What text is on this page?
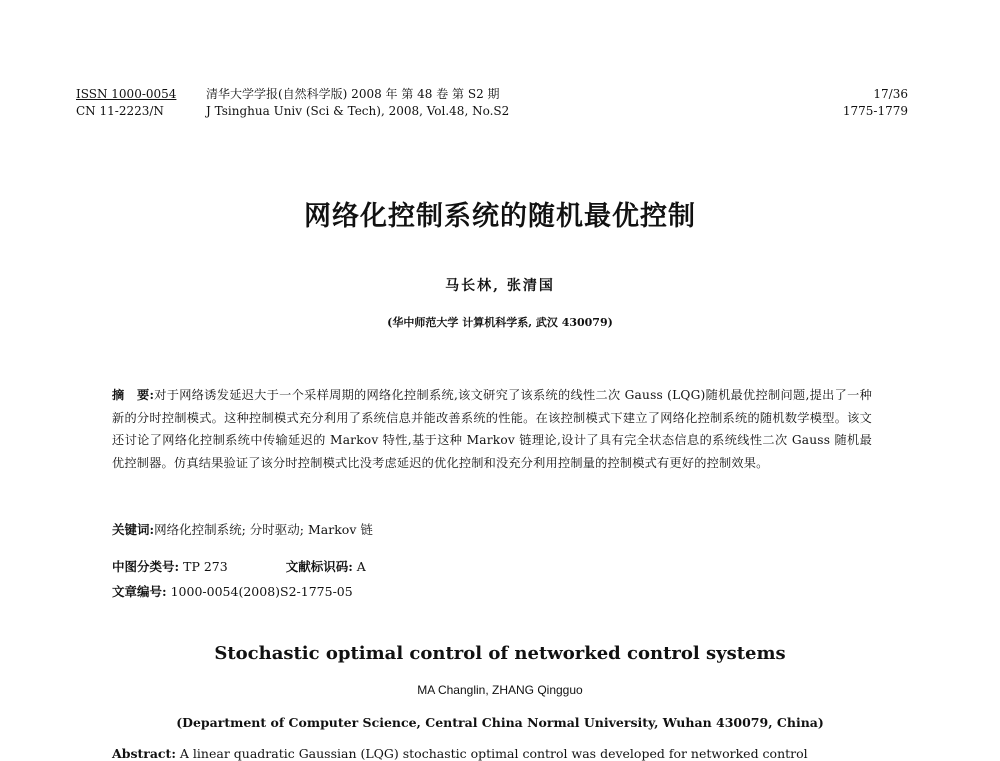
ISSN 1000-0054
CN 11-2223/N
清华大学学报(自然科学版) 2008 年 第 48 卷 第 S2 期
J Tsinghua Univ (Sci & Tech), 2008, Vol.48, No.S2
17/36
1775-1779
网络化控制系统的随机最优控制
马长林, 张清国
(华中师范大学 计算机科学系, 武汉 430079)
摘　要:对于网络诱发延迟大于一个采样周期的网络化控制系统,该文研究了该系统的线性二次 Gauss (LQG)随机最优控制问题,提出了一种新的分时控制模式。这种控制模式充分利用了系统信息并能改善系统的性能。在该控制模式下建立了网络化控制系统的随机数学模型。该文还讨论了网络化控制系统中传输延迟的 Markov 特性,基于这种 Markov 链理论,设计了具有完全状态信息的系统线性二次 Gauss 随机最优控制器。仿真结果验证了该分时控制模式比没考虑延迟的优化控制和没充分利用控制量的控制模式有更好的控制效果。
关键词:网络化控制系统; 分时驱动; Markov 链
中图分类号: TP 273	文献标识码: A
文章编号: 1000-0054(2008)S2-1775-05
Stochastic optimal control of networked control systems
MA Changlin, ZHANG Qingguo
(Department of Computer Science, Central China Normal University, Wuhan 430079, China)
Abstract: A linear quadratic Gaussian (LQG) stochastic optimal control was developed for networked control
